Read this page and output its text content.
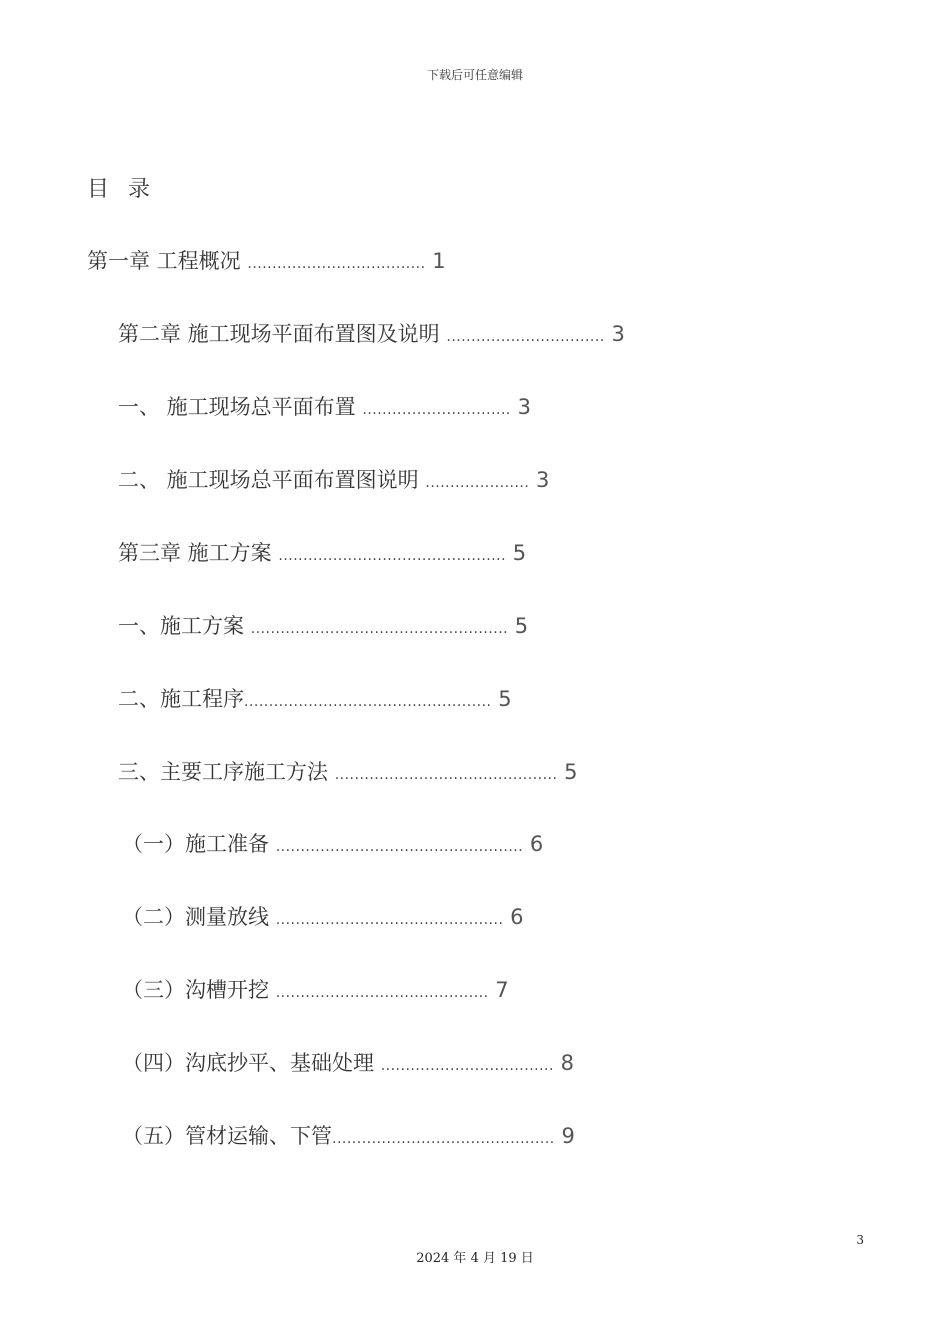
下载后可任意编辑
目 录
第一章 工程概况 .................................... 1
第二章 施工现场平面布置图及说明 ................................ 3
一、 施工现场总平面布置 .............................. 3
二、 施工现场总平面布置图说明 ..................... 3
第三章 施工方案 .............................................. 5
一、施工方案 .................................................... 5
二、施工程序.................................................. 5
三、主要工序施工方法 ............................................. 5
（一）施工准备 .................................................. 6
（二）测量放线 .............................................. 6
（三）沟槽开挖 ........................................... 7
（四）沟底抄平、基础处理 ................................... 8
（五）管材运输、下管............................................. 9
3
2024 年 4 月 19 日
